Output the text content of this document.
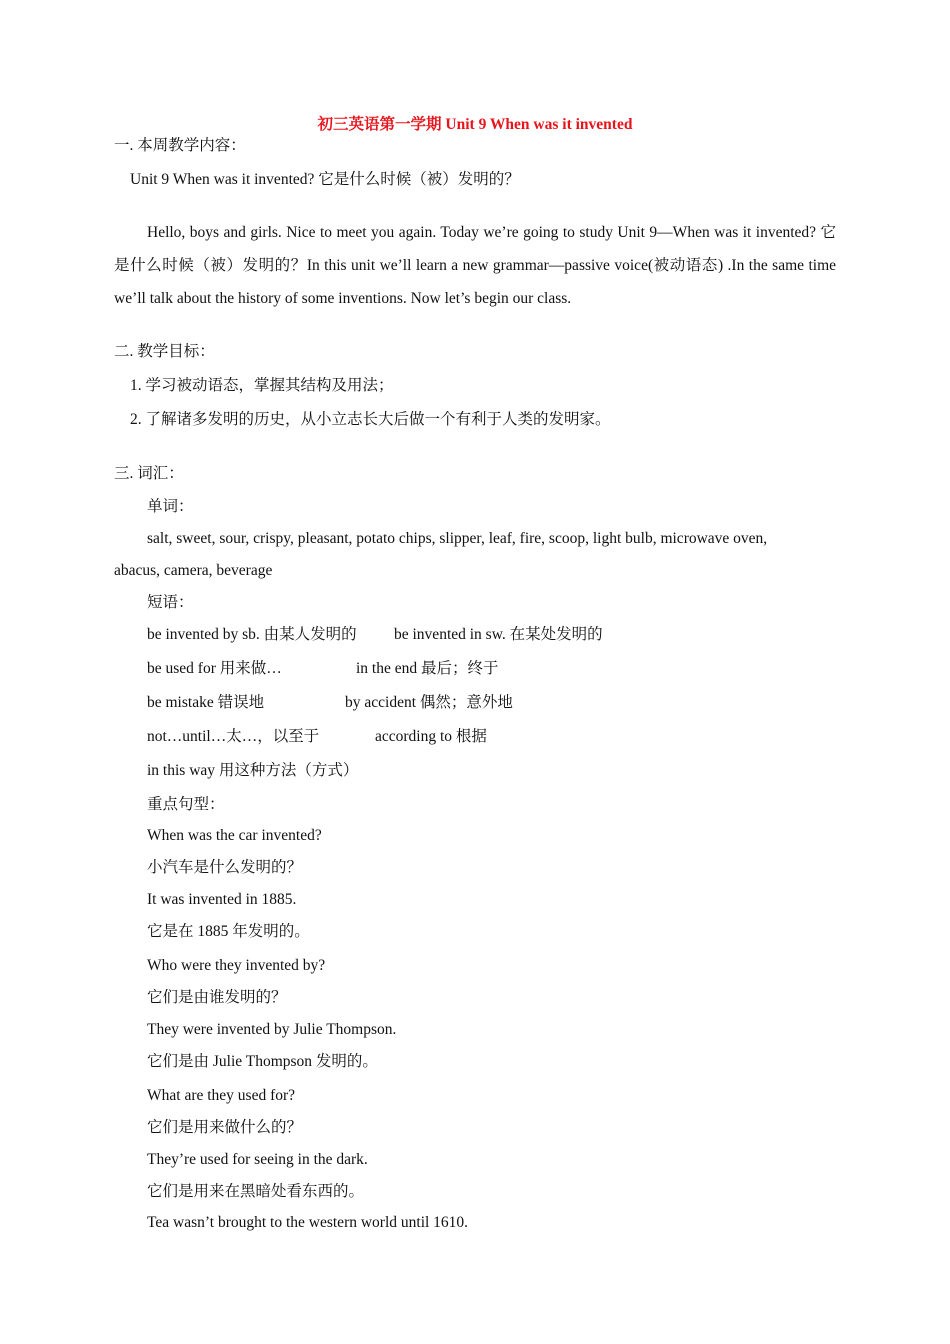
初三英语第一学期 Unit 9 When was it invented
一. 本周教学内容：
Unit 9 When was it invented? 它是什么时候（被）发明的？
Hello, boys and girls. Nice to meet you again. Today we’re going to study Unit 9—When was it invented? 它是什么时候（被）发明的？In this unit we’ll learn a new grammar—passive voice(被动语态) .In the same time we’ll talk about the history of some inventions. Now let’s begin our class.
二. 教学目标：
1. 学习被动语态，掌握其结构及用法；
2. 了解诸多发明的历史，从小立志长大后做一个有利于人类的发明家。
三. 词汇：
单词：
salt, sweet, sour, crispy, pleasant, potato chips, slipper, leaf, fire, scoop, light bulb, microwave oven,
abacus, camera, beverage
短语：
be invented by sb. 由某人发明的 be invented in sw. 在某处发明的
be used for 用来做…	in the end 最后；终于
be mistake 错误地	by accident 偶然；意外地
not…until…太…，以至于	according to 根据
in this way 用这种方法（方式）
重点句型：
When was the car invented?
小汽车是什么发明的？
It was invented in 1885.
它是在 1885 年发明的。
Who were they invented by?
它们是由谁发明的？
They were invented by Julie Thompson.
它们是由 Julie Thompson 发明的。
What are they used for?
它们是用来做什么的？
They’re used for seeing in the dark.
它们是用来在黑暗处看东西的。
Tea wasn’t brought to the western world until 1610.
